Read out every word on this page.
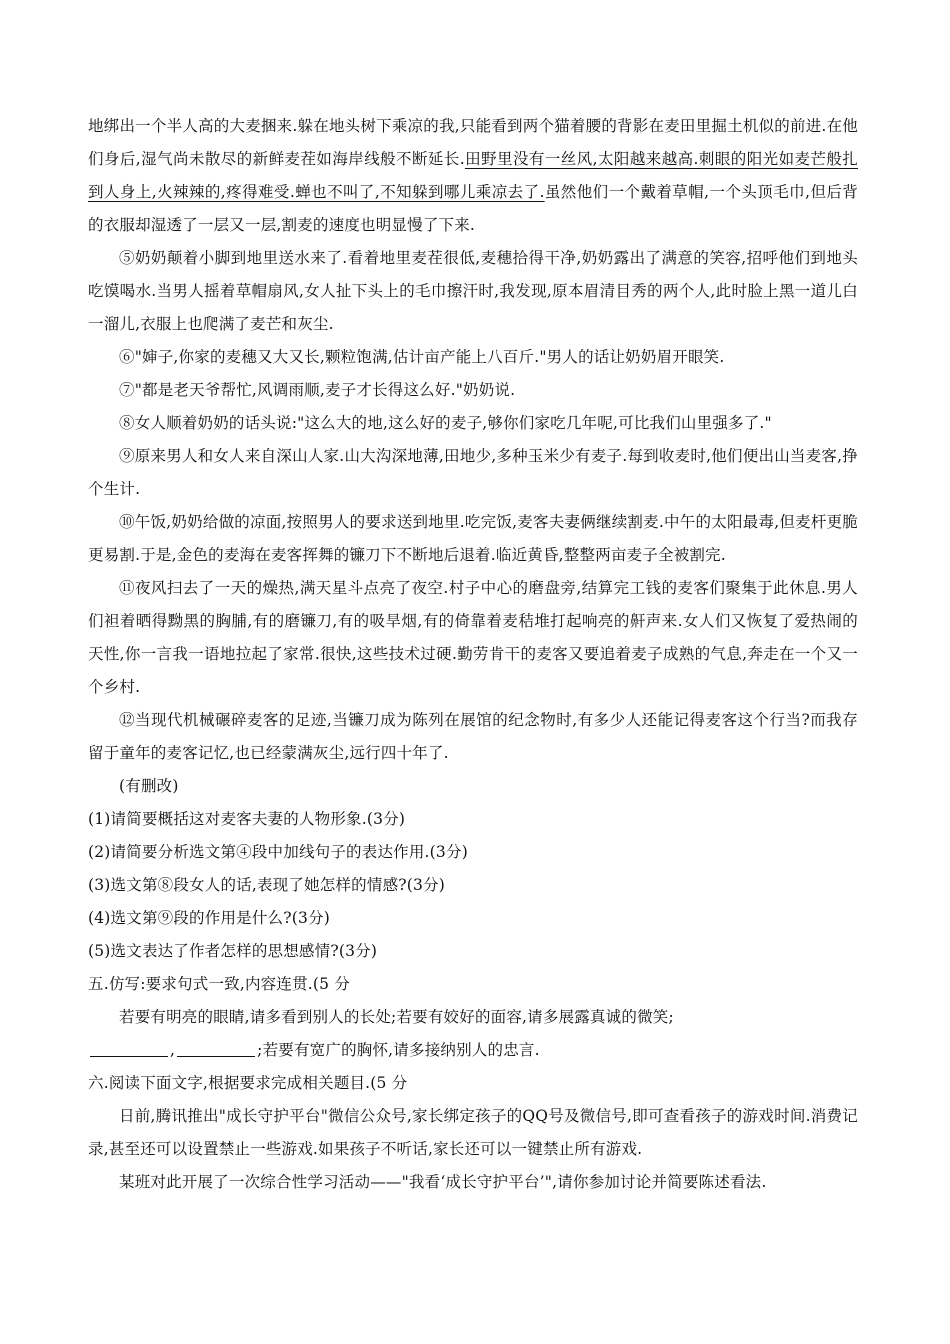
地绑出一个半人高的大麦捆来.躲在地头树下乘凉的我,只能看到两个猫着腰的背影在麦田里掘土机似的前进.在他们身后,湿气尚未散尽的新鲜麦茬如海岸线般不断延长.田野里没有一丝风,太阳越来越高.刺眼的阳光如麦芒般扎到人身上,火辣辣的,疼得难受.蝉也不叫了,不知躲到哪儿乘凉去了.虽然他们一个戴着草帽,一个头顶毛巾,但后背的衣服却湿透了一层又一层,割麦的速度也明显慢了下来.

⑤奶奶颠着小脚到地里送水来了.看着地里麦茬很低,麦穗拾得干净,奶奶露出了满意的笑容,招呼他们到地头吃馍喝水.当男人摇着草帽扇风,女人扯下头上的毛巾擦汗时,我发现,原本眉清目秀的两个人,此时脸上黑一道儿白一溜儿,衣服上也爬满了麦芒和灰尘.

⑥"婶子,你家的麦穗又大又长,颗粒饱满,估计亩产能上八百斤."男人的话让奶奶眉开眼笑.

⑦"都是老天爷帮忙,风调雨顺,麦子才长得这么好."奶奶说.

⑧女人顺着奶奶的话头说:"这么大的地,这么好的麦子,够你们家吃几年呢,可比我们山里强多了."

⑨原来男人和女人来自深山人家.山大沟深地薄,田地少,多种玉米少有麦子.每到收麦时,他们便出山当麦客,挣个生计.

⑩午饭,奶奶给做的凉面,按照男人的要求送到地里.吃完饭,麦客夫妻俩继续割麦.中午的太阳最毒,但麦杆更脆更易割.于是,金色的麦海在麦客挥舞的镰刀下不断地后退着.临近黄昏,整整两亩麦子全被割完.

⑪夜风扫去了一天的燥热,满天星斗点亮了夜空.村子中心的磨盘旁,结算完工钱的麦客们聚集于此休息.男人们袒着晒得黝黑的胸脯,有的磨镰刀,有的吸旱烟,有的倚靠着麦秸堆打起响亮的鼾声来.女人们又恢复了爱热闹的天性,你一言我一语地拉起了家常.很快,这些技术过硬.勤劳肯干的麦客又要追着麦子成熟的气息,奔走在一个又一个乡村.

⑫当现代机械碾碎麦客的足迹,当镰刀成为陈列在展馆的纪念物时,有多少人还能记得麦客这个行当?而我存留于童年的麦客记忆,也已经蒙满灰尘,远行四十年了.

(有删改)

(1)请简要概括这对麦客夫妻的人物形象.(3分)

(2)请简要分析选文第④段中加线句子的表达作用.(3分)

(3)选文第⑧段女人的话,表现了她怎样的情感?(3分)

(4)选文第⑨段的作用是什么?(3分)

(5)选文表达了作者怎样的思想感情?(3分)

五.仿写:要求句式一致,内容连贯.(5 分

若要有明亮的眼睛,请多看到别人的长处;若要有姣好的面容,请多展露真诚的微笑;

,	;若要有宽广的胸怀,请多接纳别人的忠言.

六.阅读下面文字,根据要求完成相关题目.(5 分

日前,腾讯推出"成长守护平台"微信公众号,家长绑定孩子的QQ号及微信号,即可查看孩子的游戏时间.消费记录,甚至还可以设置禁止一些游戏.如果孩子不听话,家长还可以一键禁止所有游戏.

某班对此开展了一次综合性学习活动——"我看‘成长守护平台’",请你参加讨论并简要陈述看法.
